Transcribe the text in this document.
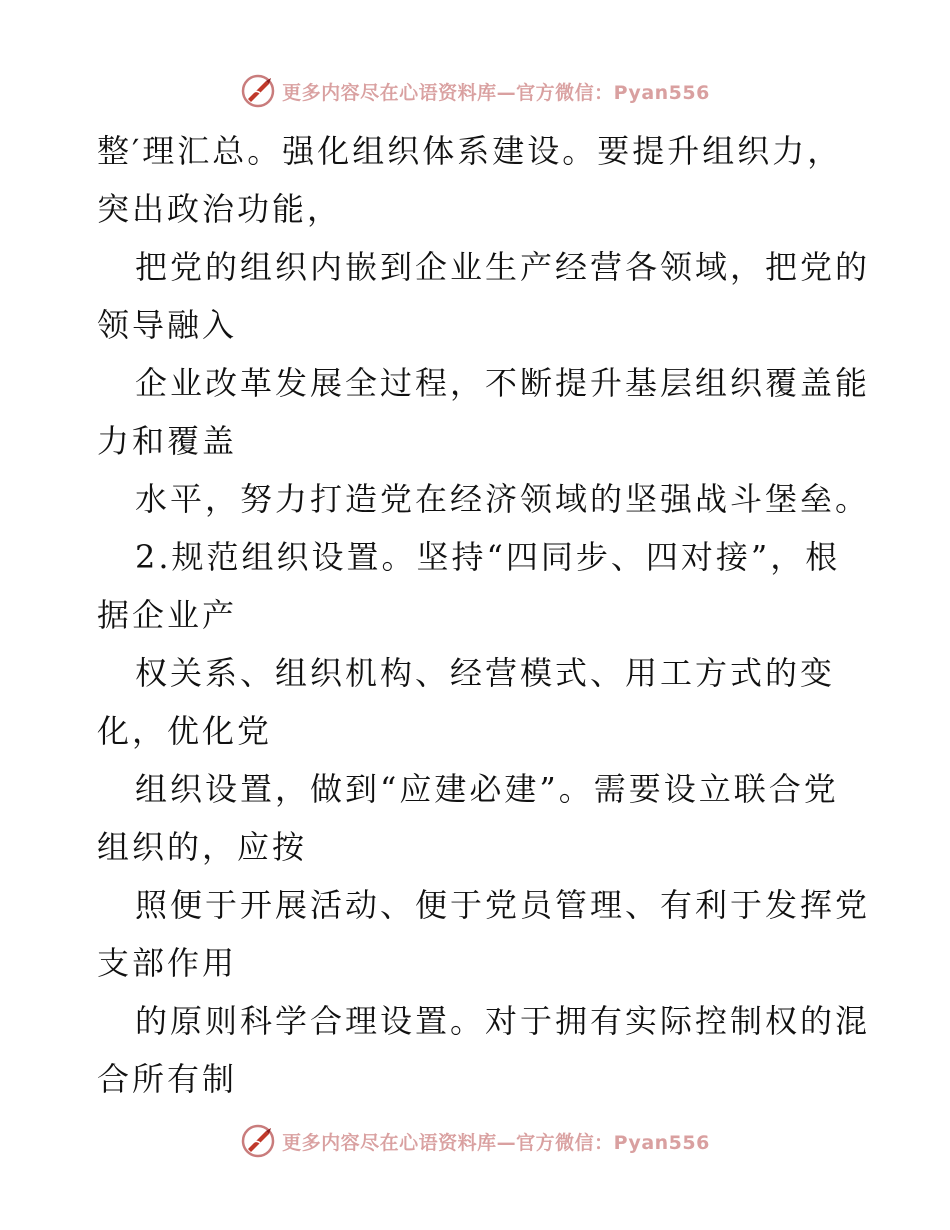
更多内容尽在心语资料库—官方微信：Pyan556
整′理汇总。强化组织体系建设。要提升组织力，
突出政治功能，
把党的组织内嵌到企业生产经营各领域，把党的
领导融入
企业改革发展全过程，不断提升基层组织覆盖能
力和覆盖
水平，努力打造党在经济领域的坚强战斗堡垒。
2.规范组织设置。坚持“四同步、四对接”，根
据企业产
权关系、组织机构、经营模式、用工方式的变
化，优化党
组织设置，做到“应建必建”。需要设立联合党
组织的，应按
照便于开展活动、便于党员管理、有利于发挥党
支部作用
的原则科学合理设置。对于拥有实际控制权的混
合所有制
更多内容尽在心语资料库—官方微信：Pyan556
